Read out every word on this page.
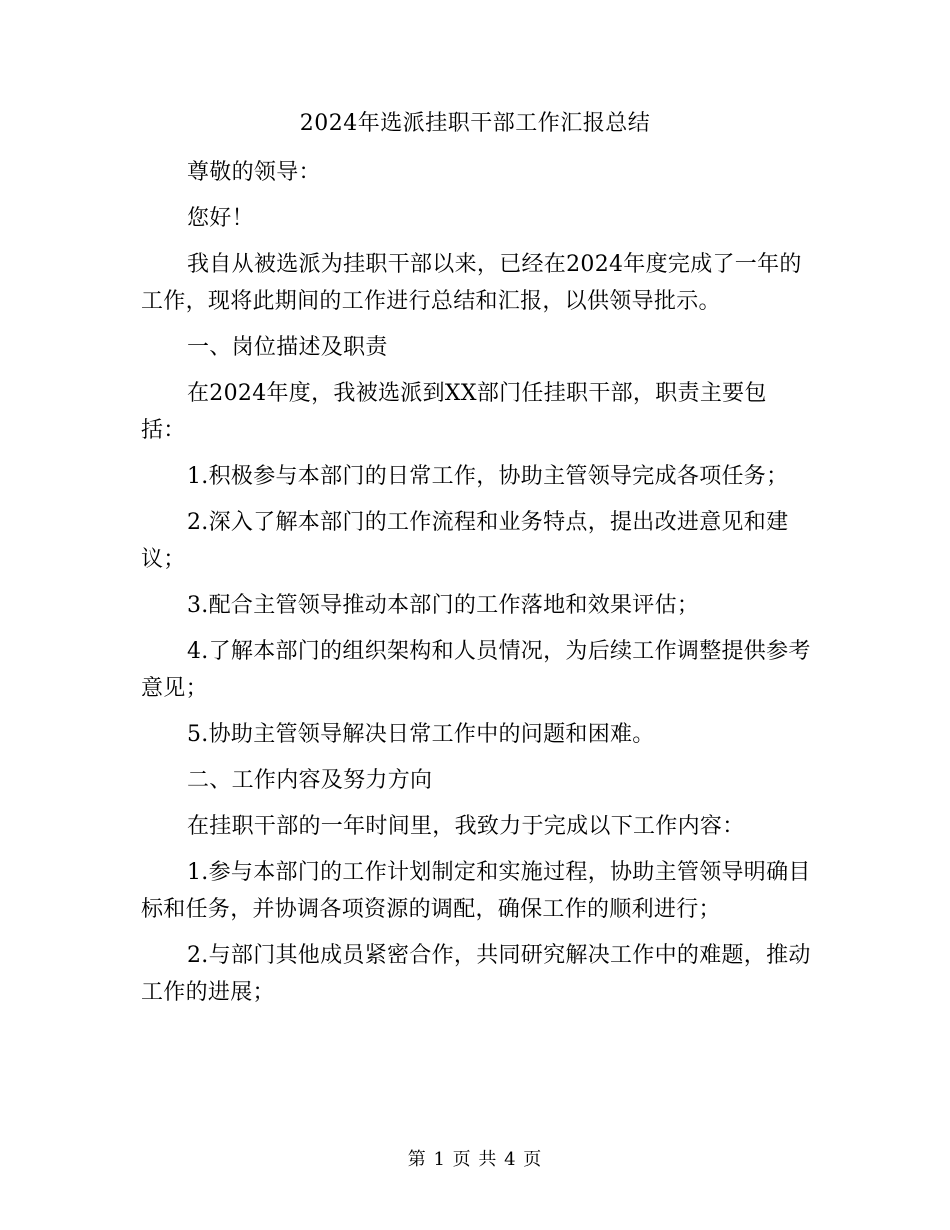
2024年选派挂职干部工作汇报总结

尊敬的领导：

您好！

我自从被选派为挂职干部以来，已经在2024年度完成了一年的工作，现将此期间的工作进行总结和汇报，以供领导批示。

一、岗位描述及职责

在2024年度，我被选派到XX部门任挂职干部，职责主要包括：

1.积极参与本部门的日常工作，协助主管领导完成各项任务；

2.深入了解本部门的工作流程和业务特点，提出改进意见和建议；

3.配合主管领导推动本部门的工作落地和效果评估；

4.了解本部门的组织架构和人员情况，为后续工作调整提供参考意见；

5.协助主管领导解决日常工作中的问题和困难。

二、工作内容及努力方向

在挂职干部的一年时间里，我致力于完成以下工作内容：

1.参与本部门的工作计划制定和实施过程，协助主管领导明确目标和任务，并协调各项资源的调配，确保工作的顺利进行；

2.与部门其他成员紧密合作，共同研究解决工作中的难题，推动工作的进展；

第 1 页 共 4 页
